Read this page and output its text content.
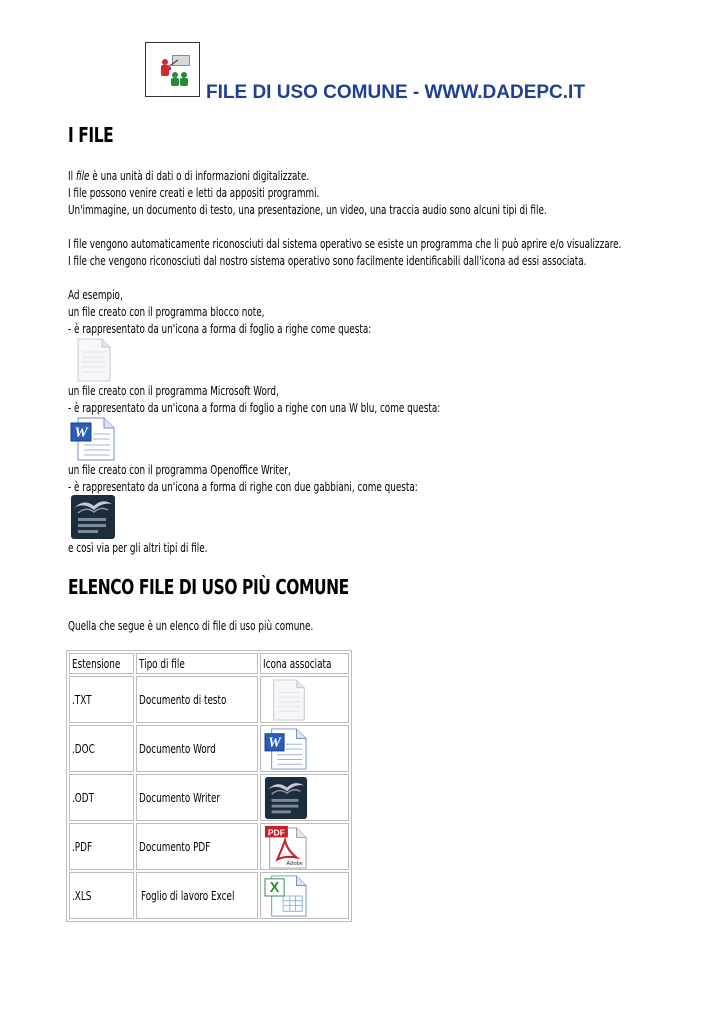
FILE DI USO COMUNE - WWW.DADEPC.IT
I FILE
Il file è una unità di dati o di informazioni digitalizzate.
I file possono venire creati e letti da appositi programmi.
Un'immagine, un documento di testo, una presentazione, un video, una traccia audio sono alcuni tipi di file.
I file vengono automaticamente riconosciuti dal sistema operativo se esiste un programma che li può aprire e/o visualizzare.
I file che vengono riconosciuti dal nostro sistema operativo sono facilmente identificabili dall'icona ad essi associata.
Ad esempio,
un file creato con il programma blocco note,
- è rappresentato da un'icona a forma di foglio a righe come questa:
un file creato con il programma Microsoft Word,
- è rappresentato da un'icona a forma di foglio a righe con una W blu, come questa:
W
un file creato con il programma Openoffice Writer,
- è rappresentato da un'icona a forma di righe con due gabbiani, come questa:
e così via per gli altri tipi di file.
ELENCO FILE DI USO PIÙ COMUNE
Quella che segue è un elenco di file di uso più comune.
Estensione	Tipo di file	Icona associata
.TXT	Documento di testo	

.DOC	Documento Word	W

.ODT	Documento Writer	

.PDF	Documento PDF	PDF
Adobe

.XLS	Foglio di lavoro Excel	X
